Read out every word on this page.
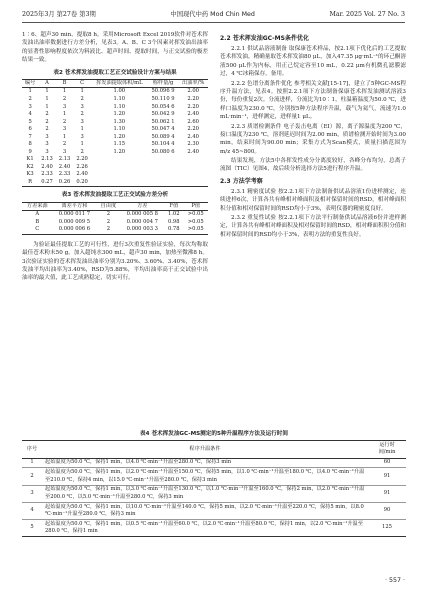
2025年3月 第27卷 第3期	中国现代中药 Mod Chin Med	Mar. 2025 Vol. 27 No. 3

1∶6、超声30 min、提取8 h。采用Microsoft Excel 2019软件对苍术挥发油出油率数据进行方差分析，见表3。A、B、C 3个因素对挥发油出油率的显著性影响程度依次为料液比、超声时间、提取时间，与正交试验的极差结果一致。

表2 苍术挥发油提取工艺正交试验设计方案与结果
编号	A	B	C	挥发油提取体积/mL	称样量/g	出油率/%
1	1	1	1	1.00	50.096 9	2.00
2	1	2	2	1.10	50.110 9	2.20
3	1	3	3	1.10	50.054 6	2.20
4	2	1	2	1.20	50.042 9	2.40
5	2	2	3	1.30	50.062 1	2.60
6	2	3	1	1.10	50.047 4	2.20
7	3	1	3	1.20	50.089 4	2.40
8	3	2	1	1.15	50.104 4	2.30
9	3	3	2	1.20	50.080 6	2.40
K1	2.13	2.13	2.20			
K2	2.40	2.40	2.26			
K3	2.33	2.33	2.40			
R	0.27	0.26	0.20			
表3 苍术挥发油提取工艺正交试验方差分析
方差来源	离差平方和	自由度	方差	F值	P值
A	0.000 011 7	2	0.000 005 8	1.02	>0.05
B	0.000 009 5	2	0.000 004 7	0.98	>0.05
C	0.000 006 6	2	0.000 003 3	0.78	>0.05

为验证最佳提取工艺的可行性，进行3次重复性验证实验，每次均称取最佳苍术粉末50 g，加入超纯水300 mL，超声30 min，加热至微沸8 h。3次验证实验的苍术挥发油出油率分别为3.20%、3.60%、3.40%，苍术挥发油平均出油率为3.40%，RSD为5.88%，平均出油率高于正交试验中出油率的最大值，此工艺成熟稳定，切实可行。

2.2 苍术挥发油GC-MS条件优化

2.2.1 供试品溶液制备 取保康苍术样品，按2.1项下优化后的工艺提取苍术挥发油，精确量取苍术挥发油80 μL，加入47.35 μg·mL⁻¹的环己酮溶液500 μL作为内标，用正己烷定容至10 mL，0.22 μm有机微孔滤膜滤过，4 ℃冰箱保存，备用。

2.2.2 色谱分离条件优化 参考相关文献[15-17]，建立了5种GC-MS程序升温方法，见表4。按照2.2.1项下方法制备保康苍术挥发油测试溶液3份，每份重复2次。分流进样，分流比为10∶1，柱温箱温度为50.0 ℃，进样口温度为230.0 ℃，分别按5种方法程序升温，载气为氦气，流速为1.0 mL·min⁻¹，进样测定，进样量1 μL。

2.2.3 质谱检测条件 电子轰击电离（EI）源，离子源温度为200 ℃，接口温度为230 ℃，溶剂延迟时间为2.00 min，质谱检测开始时间为3.00 min，结束时间为90.00 min；采集方式为Scan模式，质量扫描范围为m/z 45~800。

结果发现，方法5中各挥发性成分分离度较好，各峰分布均匀，总离子流图（TIC）见图4，故后续分析选择方法5进行程序升温。

2.3 方法学考察

2.3.1 精密度试验 按2.2.1项下方法制备供试品溶液1份进样测定，连续进样6次，计算各共有峰相对峰面积及相对保留时间的RSD，相对峰面积积分值和相对保留时间的RSD均小于3%，表明仪器的精密度良好。

2.3.2 重复性试验 按2.2.1项下方法平行制备供试品溶液6份并进样测定，计算各共有峰相对峰面积及相对保留时间的RSD，相对峰面积积分值和相对保留时间的RSD均小于3%，表明方法的重复性良好。

表4 苍术挥发油GC-MS测定的5种升温程序方法及运行时间
序号	程序升温条件	运行时间/min
1	起始温度为50.0 ℃，保持1 min，以4.0 ℃·min⁻¹升温至280.0 ℃，保持3 min	60
2	起始温度为50.0 ℃，保持1 min，以2.0 ℃·min⁻¹升温至150.0 ℃，保持5 min，以1.0 ℃·min⁻¹升温至180.0 ℃，以4.0 ℃·min⁻¹升温至210.0 ℃，保持4 min，以15.0 ℃·min⁻¹升温至280.0 ℃，保持3 min	91
3	起始温度为50.0 ℃，保持1 min，以3.0 ℃·min⁻¹升温至130.0 ℃，以1.0 ℃·min⁻¹升温至160.0 ℃，保持2 min，以2.0 ℃·min⁻¹升温至200.0 ℃，以5.0 ℃·min⁻¹升温至280.0 ℃，保持3 min	91
4	起始温度为50.0 ℃，保持1 min，以10.0 ℃·min⁻¹升温至140.0 ℃，保持5 min，以2.0 ℃·min⁻¹升温至220.0 ℃，保持5 min，以8.0 ℃·min⁻¹升温至280.0 ℃，保持3 min	90
5	起始温度为50.0 ℃，保持1 min，以0.5 ℃·min⁻¹升温至60.0 ℃，以2.0 ℃·min⁻¹升温至80.0 ℃，保持1 min，以2.0 ℃·min⁻¹升温至280.0 ℃，保持1 min	125
· 557 ·
